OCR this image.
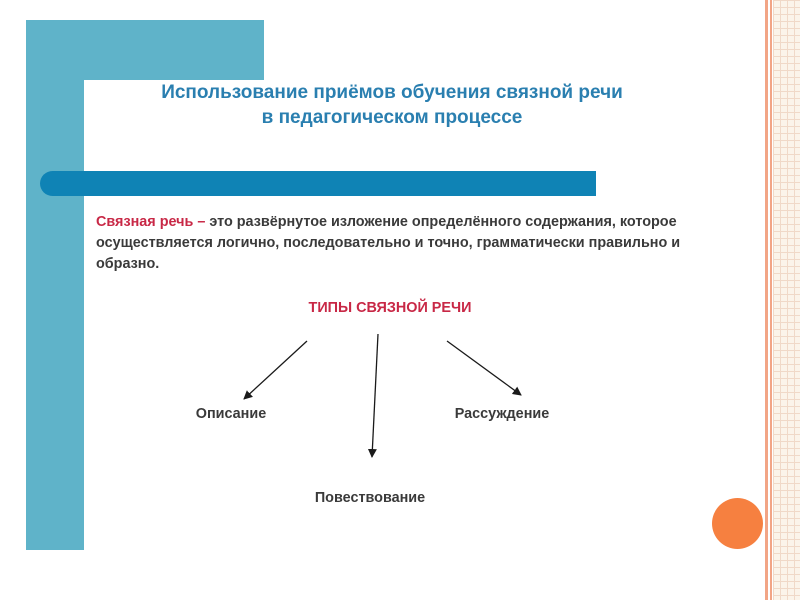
Использование приёмов обучения связной речи
в педагогическом процессе

Связная речь – это развёрнутое изложение определённого содержания, которое осуществляется логично, последовательно и точно, грамматически правильно и образно.

ТИПЫ СВЯЗНОЙ РЕЧИ
Описание
Повествование
Рассуждение
